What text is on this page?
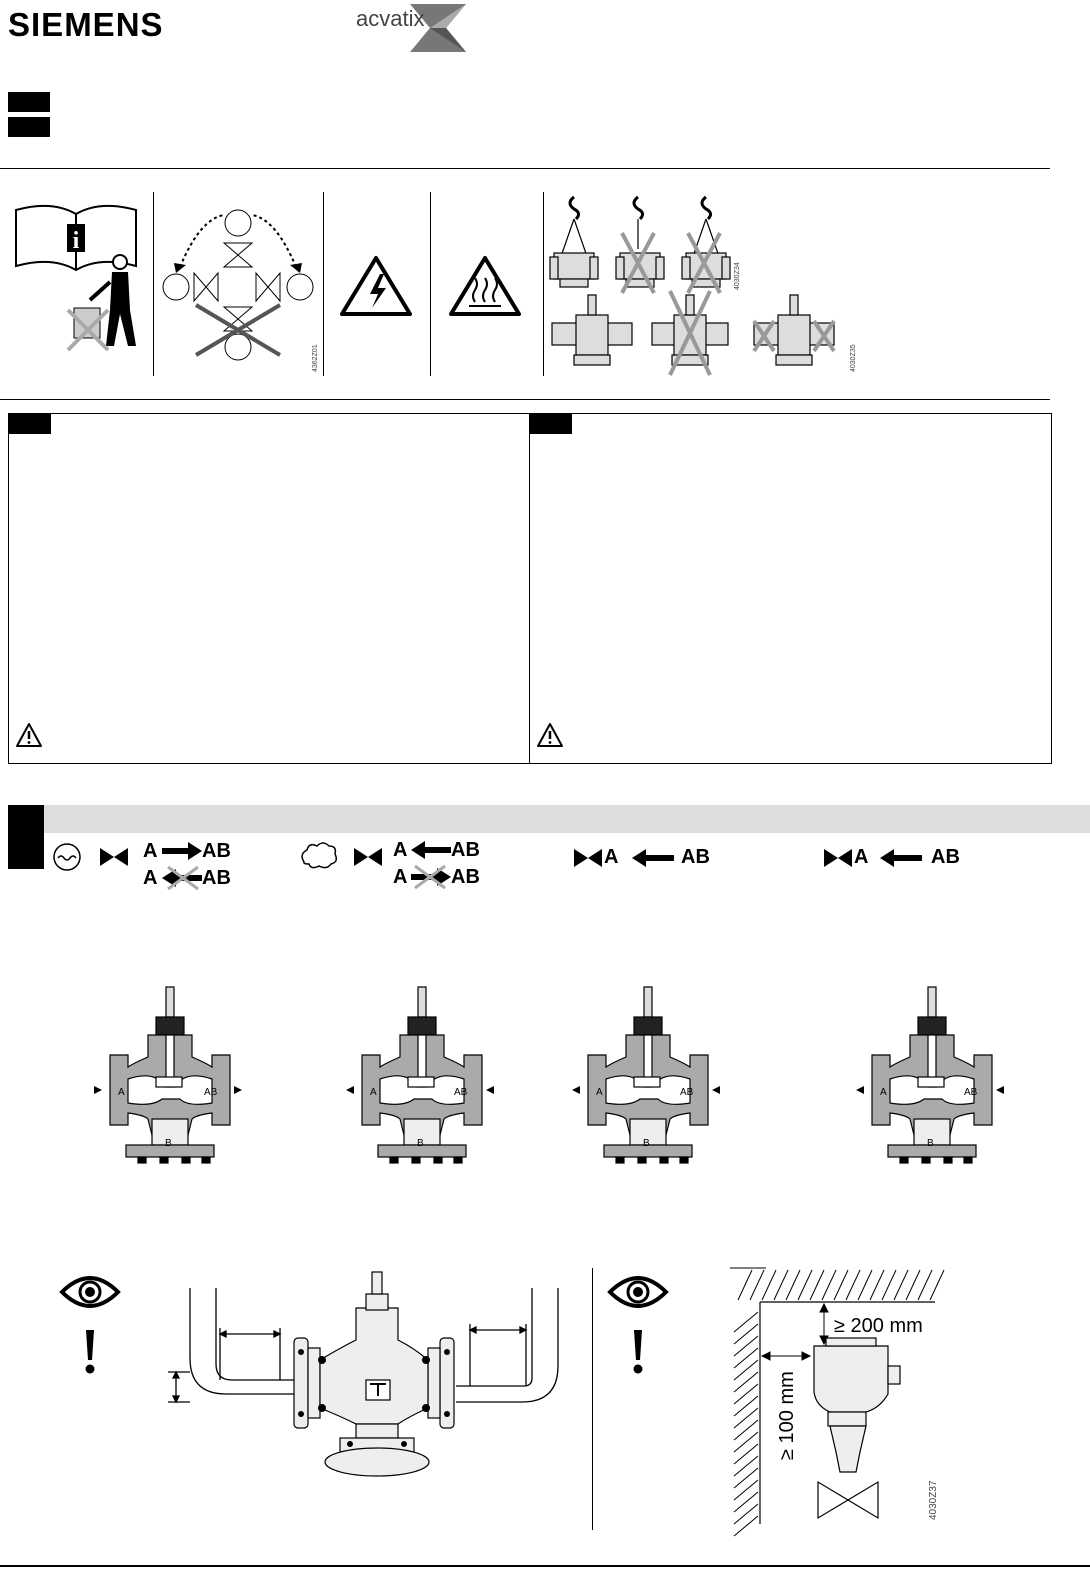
SIEMENS	acvatix
i
4362Z01
4030Z34
4030Z35
A AB
A AB
A AB
A AB
A	AB	A	AB
A	AB
B
A	AB
B
A	AB
B
A	AB
B
≥ 200 mm
≥ 100 mm
4030Z37
